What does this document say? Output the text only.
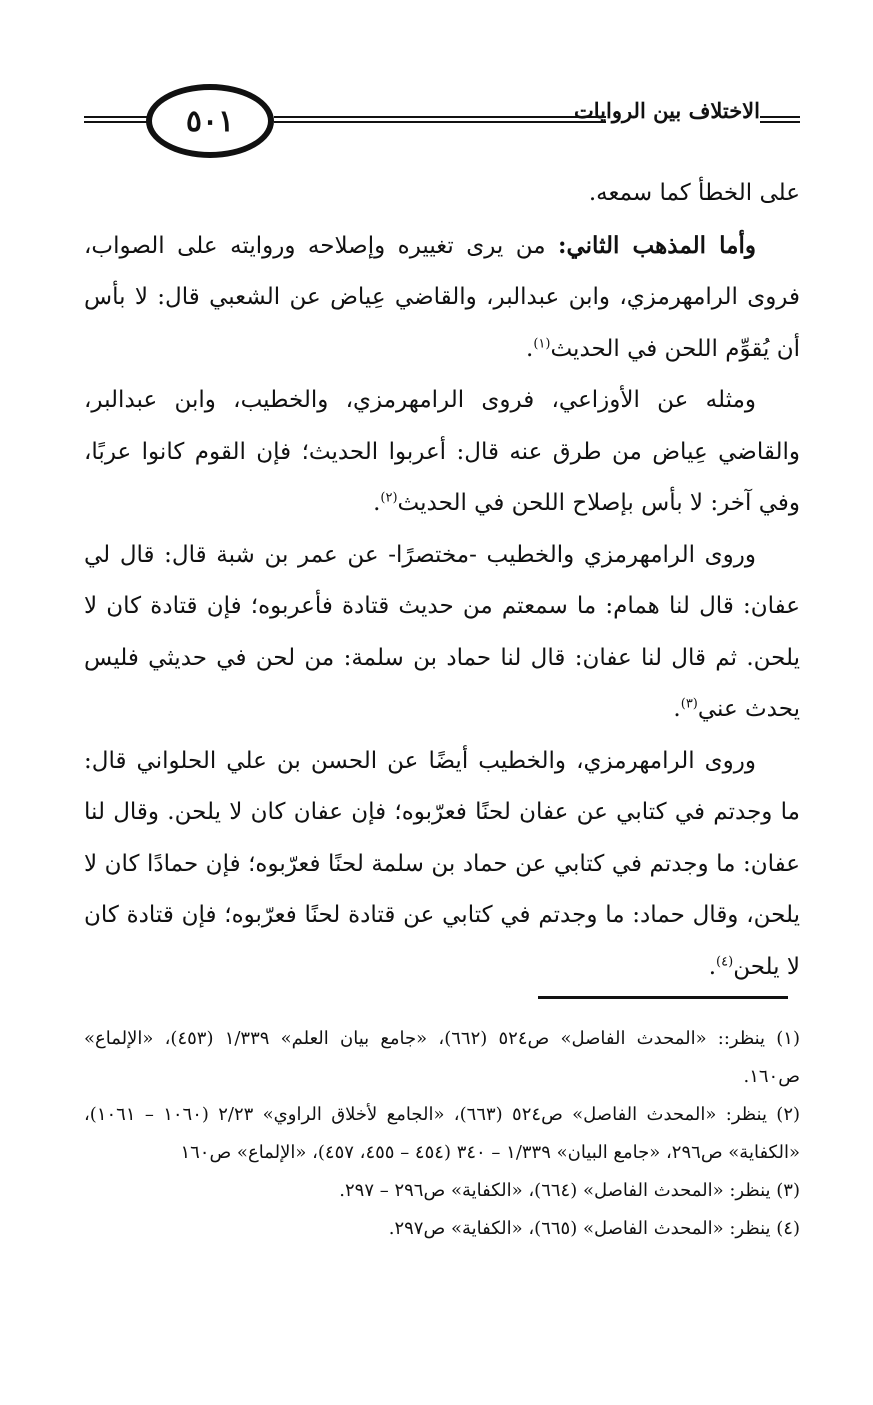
٥٠١	الاختلاف بين الروايات

على الخطأ كما سمعه.

وأما المذهب الثاني: من يرى تغييره وإصلاحه وروايته على الصواب، فروى الرامهرمزي، وابن عبدالبر، والقاضي عِياض عن الشعبي قال: لا بأس أن يُقوِّم اللحن في الحديث$^{(١)}$.

ومثله عن الأوزاعي، فروى الرامهرمزي، والخطيب، وابن عبدالبر، والقاضي عِياض من طرق عنه قال: أعربوا الحديث؛ فإن القوم كانوا عربًا، وفي آخر: لا بأس بإصلاح اللحن في الحديث$^{(٢)}$.

وروى الرامهرمزي والخطيب -مختصرًا- عن عمر بن شبة قال: قال لي عفان: قال لنا همام: ما سمعتم من حديث قتادة فأعربوه؛ فإن قتادة كان لا يلحن. ثم قال لنا عفان: قال لنا حماد بن سلمة: من لحن في حديثي فليس يحدث عني$^{(٣)}$.

وروى الرامهرمزي، والخطيب أيضًا عن الحسن بن علي الحلواني قال: ما وجدتم في كتابي عن عفان لحنًا فعرّبوه؛ فإن عفان كان لا يلحن. وقال لنا عفان: ما وجدتم في كتابي عن حماد بن سلمة لحنًا فعرّبوه؛ فإن حمادًا كان لا يلحن، وقال حماد: ما وجدتم في كتابي عن قتادة لحنًا فعرّبوه؛ فإن قتادة كان لا يلحن$^{(٤)}$.

(١) ينظر:: «المحدث الفاصل» ص٥٢٤ (٦٦٢)، «جامع بيان العلم» ١/٣٣٩ (٤٥٣)، «الإلماع» ص١٦٠.

(٢) ينظر: «المحدث الفاصل» ص٥٢٤ (٦٦٣)، «الجامع لأخلاق الراوي» ٢/٢٣ (١٠٦٠ – ١٠٦١)، «الكفاية» ص٢٩٦، «جامع البيان» ١/٣٣٩ – ٣٤٠ (٤٥٤ – ٤٥٥، ٤٥٧)، «الإلماع» ص١٦٠

(٣) ينظر: «المحدث الفاصل» (٦٦٤)، «الكفاية» ص٢٩٦ – ٢٩٧.

(٤) ينظر: «المحدث الفاصل» (٦٦٥)، «الكفاية» ص٢٩٧.
